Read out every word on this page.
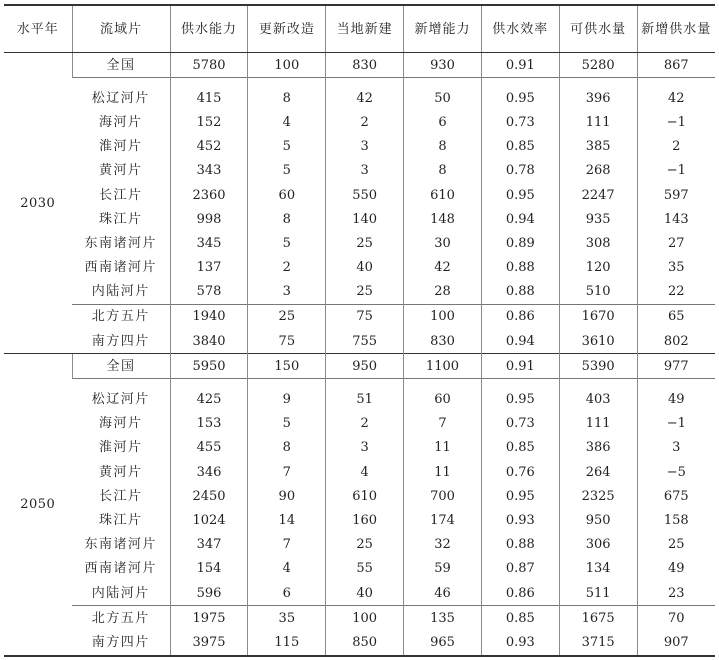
水平年	流域片	供水能力	更新改造	当地新建	新增能力	供水效率	可供水量	新增供水量
2030	全国	5780	100	830	930	0.91	5280	867
	松辽河片	415	8	42	50	0.95	396	42
	海河片	152	4	2	6	0.73	111	−1
	淮河片	452	5	3	8	0.85	385	2
	黄河片	343	5	3	8	0.78	268	−1
	长江片	2360	60	550	610	0.95	2247	597
	珠江片	998	8	140	148	0.94	935	143
	东南诸河片	345	5	25	30	0.89	308	27
	西南诸河片	137	2	40	42	0.88	120	35
	内陆河片	578	3	25	28	0.88	510	22
	北方五片	1940	25	75	100	0.86	1670	65
	南方四片	3840	75	755	830	0.94	3610	802
2050	全国	5950	150	950	1100	0.91	5390	977
	松辽河片	425	9	51	60	0.95	403	49
	海河片	153	5	2	7	0.73	111	−1
	淮河片	455	8	3	11	0.85	386	3
	黄河片	346	7	4	11	0.76	264	−5
	长江片	2450	90	610	700	0.95	2325	675
	珠江片	1024	14	160	174	0.93	950	158
	东南诸河片	347	7	25	32	0.88	306	25
	西南诸河片	154	4	55	59	0.87	134	49
	内陆河片	596	6	40	46	0.86	511	23
	北方五片	1975	35	100	135	0.85	1675	70
	南方四片	3975	115	850	965	0.93	3715	907
